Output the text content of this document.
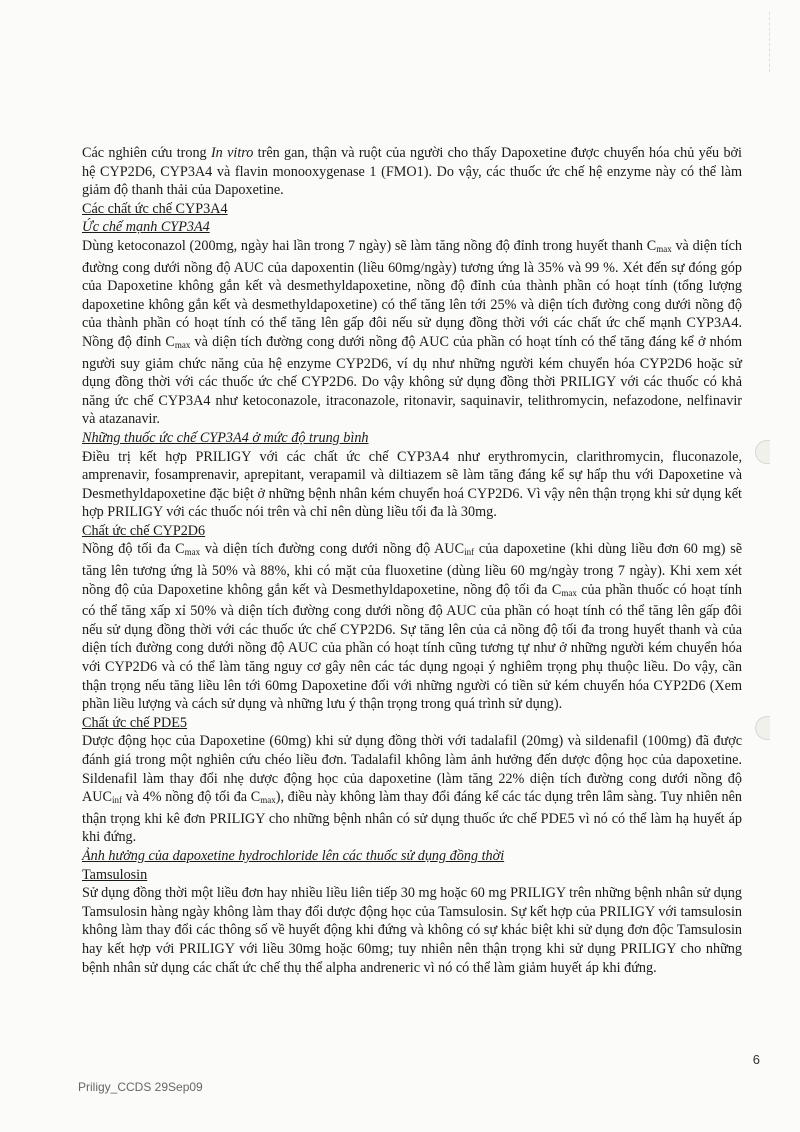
Các nghiên cứu trong In vitro trên gan, thận và ruột của người cho thấy Dapoxetine được chuyển hóa chủ yếu bởi hệ CYP2D6, CYP3A4 và flavin monooxygenase 1 (FMO1). Do vậy, các thuốc ức chế hệ enzyme này có thể làm giảm độ thanh thải của Dapoxetine.

Các chất ức chế CYP3A4

Ức chế mạnh CYP3A4

Dùng ketoconazol (200mg, ngày hai lần trong 7 ngày) sẽ làm tăng nồng độ đỉnh trong huyết thanh $C_{max}$ và diện tích đường cong dưới nồng độ AUC của dapoxentin (liều 60mg/ngày) tương ứng là 35% và 99 %. Xét đến sự đóng góp của Dapoxetine không gắn kết và desmethyldapoxetine, nồng độ đỉnh của thành phần có hoạt tính (tổng lượng dapoxetine không gắn kết và desmethyldapoxetine) có thể tăng lên tới 25% và diện tích đường cong dưới nồng độ của thành phần có hoạt tính có thể tăng lên gấp đôi nếu sử dụng đồng thời với các chất ức chế mạnh CYP3A4. Nồng độ đỉnh $C_{max}$ và diện tích đường cong dưới nồng độ AUC của phần có hoạt tính có thể tăng đáng kể ở nhóm người suy giảm chức năng của hệ enzyme CYP2D6, ví dụ như những người kém chuyển hóa CYP2D6 hoặc sử dụng đồng thời với các thuốc ức chế CYP2D6. Do vậy không sử dụng đồng thời PRILIGY với các thuốc có khả năng ức chế CYP3A4 như ketoconazole, itraconazole, ritonavir, saquinavir, telithromycin, nefazodone, nelfinavir và atazanavir.

Những thuốc ức chế CYP3A4 ở mức độ trung bình

Điều trị kết hợp PRILIGY với các chất ức chế CYP3A4 như erythromycin, clarithromycin, fluconazole, amprenavir, fosamprenavir, aprepitant, verapamil và diltiazem sẽ làm tăng đáng kể sự hấp thu với Dapoxetine và Desmethyldapoxetine đặc biệt ở những bệnh nhân kém chuyển hoá CYP2D6. Vì vậy nên thận trọng khi sử dụng kết hợp PRILIGY với các thuốc nói trên và chỉ nên dùng liều tối đa là 30mg.

Chất ức chế CYP2D6

Nồng độ tối đa $C_{max}$ và diện tích đường cong dưới nồng độ $AUC_{inf}$ của dapoxetine (khi dùng liều đơn 60 mg) sẽ tăng lên tương ứng là 50% và 88%, khi có mặt của fluoxetine (dùng liều 60 mg/ngày trong 7 ngày). Khi xem xét nồng độ của Dapoxetine không gắn kết và Desmethyldapoxetine, nồng độ tối đa $C_{max}$ của phần thuốc có hoạt tính có thể tăng xấp xỉ 50% và diện tích đường cong dưới nồng độ AUC của phần có hoạt tính có thể tăng lên gấp đôi nếu sử dụng đồng thời với các thuốc ức chế CYP2D6. Sự tăng lên của cả nồng độ tối đa trong huyết thanh và của diện tích đường cong dưới nồng độ AUC của phần có hoạt tính cũng tương tự như ở những người kém chuyển hóa với CYP2D6 và có thể làm tăng nguy cơ gây nên các tác dụng ngoại ý nghiêm trọng phụ thuộc liều. Do vậy, cần thận trọng nếu tăng liều lên tới 60mg Dapoxetine đối với những người có tiền sử kém chuyển hóa CYP2D6 (Xem phần liều lượng và cách sử dụng và những lưu ý thận trọng trong quá trình sử dụng).

Chất ức chế PDE5

Dược động học của Dapoxetine (60mg) khi sử dụng đồng thời với tadalafil (20mg) và sildenafil (100mg) đã được đánh giá trong một nghiên cứu chéo liều đơn. Tadalafil không làm ảnh hưởng đến dược động học của dapoxetine. Sildenafil làm thay đổi nhẹ dược động học của dapoxetine (làm tăng 22% diện tích đường cong dưới nồng độ $AUC_{inf}$ và 4% nồng độ tối đa $C_{max}$), điều này không làm thay đổi đáng kể các tác dụng trên lâm sàng. Tuy nhiên nên thận trọng khi kê đơn PRILIGY cho những bệnh nhân có sử dụng thuốc ức chế PDE5 vì nó có thể làm hạ huyết áp khi đứng.

Ảnh hưởng của dapoxetine hydrochloride lên các thuốc sử dụng đồng thời

Tamsulosin

Sử dụng đồng thời một liều đơn hay nhiều liều liên tiếp 30 mg hoặc 60 mg PRILIGY trên những bệnh nhân sử dụng Tamsulosin hàng ngày không làm thay đổi dược động học của Tamsulosin. Sự kết hợp của PRILIGY với tamsulosin không làm thay đổi các thông số về huyết động khi đứng và không có sự khác biệt khi sử dụng đơn độc Tamsulosin hay kết hợp với PRILIGY với liều 30mg hoặc 60mg; tuy nhiên nên thận trọng khi sử dụng PRILIGY cho những bệnh nhân sử dụng các chất ức chế thụ thể alpha andreneric vì nó có thể làm giảm huyết áp khi đứng.

6
Priligy_CCDS 29Sep09
